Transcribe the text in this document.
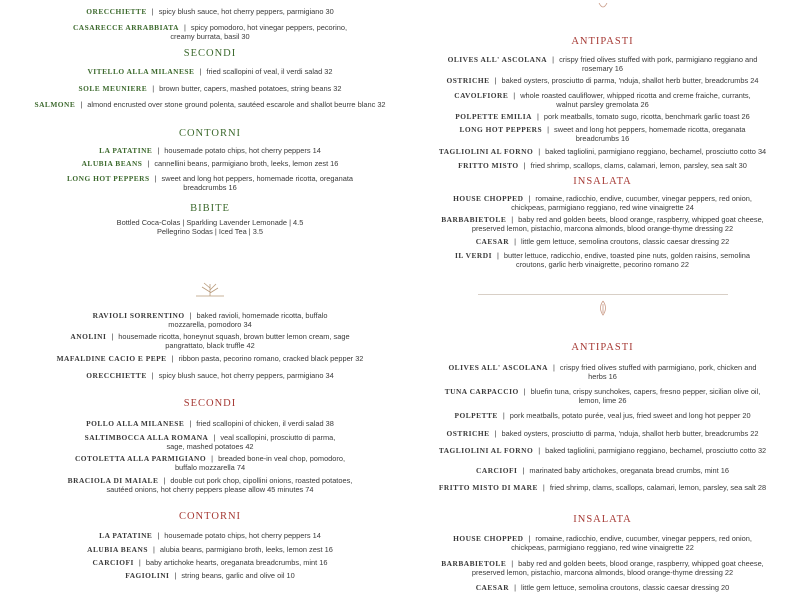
ORECCHIETTE | spicy blush sauce, hot cherry peppers, parmigiano 30
CASARECCE ARRABBIATA | spicy pomodoro, hot vinegar peppers, pecorino, creamy burrata, basil 30
SECONDI
VITELLO ALLA MILANESE | fried scallopini of veal, il verdi salad 32
SOLE MEUNIERE | brown butter, capers, mashed potatoes, string beans 32
SALMONE | almond encrusted over stone ground polenta, sautéed escarole and shallot beurre blanc 32
CONTORNI
LA PATATINE | housemade potato chips, hot cherry peppers 14
ALUBIA BEANS | cannellini beans, parmigiano broth, leeks, lemon zest 16
LONG HOT PEPPERS | sweet and long hot peppers, homemade ricotta, oreganata breadcrumbs 16
BIBITE
Bottled Coca-Colas | Sparkling Lavender Lemonade | 4.5
Pellegrino Sodas | Iced Tea | 3.5
RAVIOLI SORRENTINO | baked ravioli, homemade ricotta, buffalo mozzarella, pomodoro 34
ANOLINI | housemade ricotta, honeynut squash, brown butter lemon cream, sage pangrattato, black truffle 42
MAFALDINE CACIO E PEPE | ribbon pasta, pecorino romano, cracked black pepper 32
ORECCHIETTE | spicy blush sauce, hot cherry peppers, parmigiano 34
SECONDI
POLLO ALLA MILANESE | fried scallopini of chicken, il verdi salad 38
SALTIMBOCCA ALLA ROMANA | veal scallopini, prosciutto di parma, sage, mashed potatoes 42
COTOLETTA ALLA PARMIGIANO | breaded bone-in veal chop, pomodoro, buffalo mozzarella 74
BRACIOLA DI MAIALE | double cut pork chop, cipollini onions, roasted potatoes, sautéed onions, hot cherry peppers please allow 45 minutes 74
CONTORNI
LA PATATINE | housemade potato chips, hot cherry peppers 14
ALUBIA BEANS | alubia beans, parmigiano broth, leeks, lemon zest 16
CARCIOFI | baby artichoke hearts, oreganata breadcrumbs, mint 16
FAGIOLINI | string beans, garlic and olive oil 10
ANTIPASTI
OLIVES ALL' ASCOLANA | crispy fried olives stuffed with pork, parmigiano reggiano and rosemary 16
OSTRICHE | baked oysters, prosciutto di parma, 'nduja, shallot herb butter, breadcrumbs 24
CAVOLFIORE | whole roasted cauliflower, whipped ricotta and creme fraiche, currants, walnut parsley gremolata 26
POLPETTE EMILIA | pork meatballs, tomato sugo, ricotta, benchmark garlic toast 26
LONG HOT PEPPERS | sweet and long hot peppers, homemade ricotta, oreganata breadcrumbs 16
TAGLIOLINI AL FORNO | baked tagliolini, parmigiano reggiano, bechamel, prosciutto cotto 34
FRITTO MISTO | fried shrimp, scallops, clams, calamari, lemon, parsley, sea salt 30
INSALATA
HOUSE CHOPPED | romaine, radicchio, endive, cucumber, vinegar peppers, red onion, chickpeas, parmigiano reggiano, red wine vinaigrette 24
BARBABIETOLE | baby red and golden beets, blood orange, raspberry, whipped goat cheese, preserved lemon, pistachio, marcona almonds, blood orange-thyme dressing 22
CAESAR | little gem lettuce, semolina croutons, classic caesar dressing 22
IL VERDI | butter lettuce, radicchio, endive, toasted pine nuts, golden raisins, semolina croutons, garlic herb vinaigrette, pecorino romano 22
ANTIPASTI
OLIVES ALL' ASCOLANA | crispy fried olives stuffed with parmigiano, pork, chicken and herbs 16
TUNA CARPACCIO | bluefin tuna, crispy sunchokes, capers, fresno pepper, sicilian olive oil, lemon, lime 26
POLPETTE | pork meatballs, potato purée, veal jus, fried sweet and long hot pepper 20
OSTRICHE | baked oysters, prosciutto di parma, 'nduja, shallot herb butter, breadcrumbs 22
TAGLIOLINI AL FORNO | baked tagliolini, parmigiano reggiano, bechamel, prosciutto cotto 32
CARCIOFI | marinated baby artichokes, oreganata bread crumbs, mint 16
FRITTO MISTO DI MARE | fried shrimp, clams, scallops, calamari, lemon, parsley, sea salt 28
INSALATA
HOUSE CHOPPED | romaine, radicchio, endive, cucumber, vinegar peppers, red onion, chickpeas, parmigiano reggiano, red wine vinaigrette 22
BARBABIETOLE | baby red and golden beets, blood orange, raspberry, whipped goat cheese, preserved lemon, pistachio, marcona almonds, blood orange-thyme dressing 22
CAESAR | little gem lettuce, semolina croutons, classic caesar dressing 20
